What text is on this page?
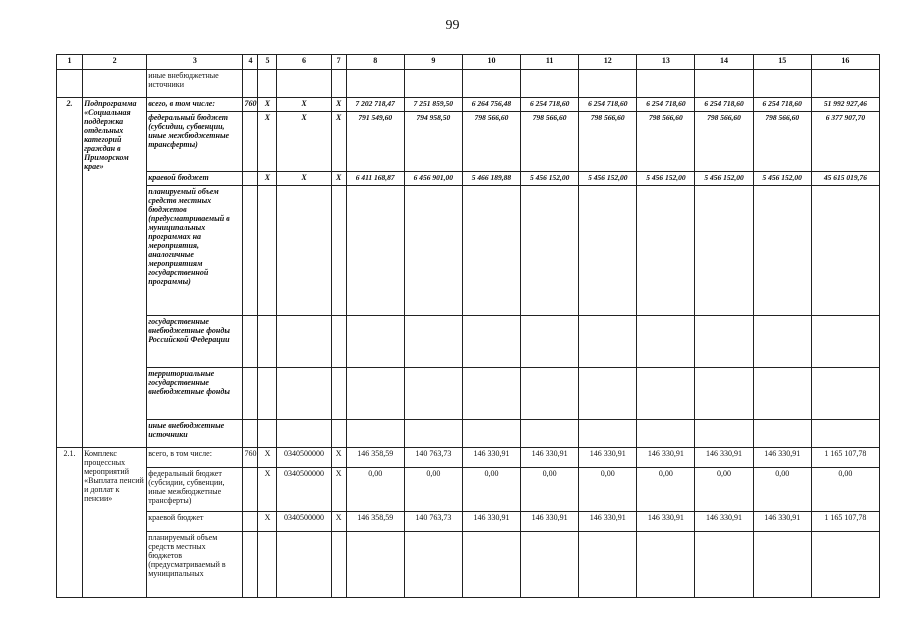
99
1	2	3	4	5	6	7	8	9	10	11	12	13	14	15	16
		иные внебюджетные источники													
2.	Подпрограмма «Социальная поддержка отдельных категорий граждан в Приморском крае»	всего, в том числе:	760	X	X	X	7 202 718,47	7 251 859,50	6 264 756,48	6 254 718,60	6 254 718,60	6 254 718,60	6 254 718,60	6 254 718,60	51 992 927,46
		федеральный бюджет (субсидии, субвенции, иные межбюджетные трансферты)		X	X	X	791 549,60	794 958,50	798 566,60	798 566,60	798 566,60	798 566,60	798 566,60	798 566,60	6 377 907,70
		краевой бюджет		X	X	X	6 411 168,87	6 456 901,00	5 466 189,88	5 456 152,00	5 456 152,00	5 456 152,00	5 456 152,00	5 456 152,00	45 615 019,76
		планируемый объем средств местных бюджетов (предусматриваемый в муниципальных программах на мероприятия, аналогичные мероприятиям государственной программы)													
		государственные внебюджетные фонды Российской Федерации													
		территориальные государственные внебюджетные фонды													
		иные внебюджетные источники													
2.1.	Комплекс процессных мероприятий «Выплата пенсий и доплат к пенсии»	всего, в том числе:	760	X	0340500000	X	146 358,59	140 763,73	146 330,91	146 330,91	146 330,91	146 330,91	146 330,91	146 330,91	1 165 107,78
		федеральный бюджет (субсидии, субвенции, иные межбюджетные трансферты)		X	0340500000	X	0,00	0,00	0,00	0,00	0,00	0,00	0,00	0,00	0,00
		краевой бюджет		X	0340500000	X	146 358,59	140 763,73	146 330,91	146 330,91	146 330,91	146 330,91	146 330,91	146 330,91	1 165 107,78
		планируемый объем средств местных бюджетов (предусматриваемый в муниципальных													
